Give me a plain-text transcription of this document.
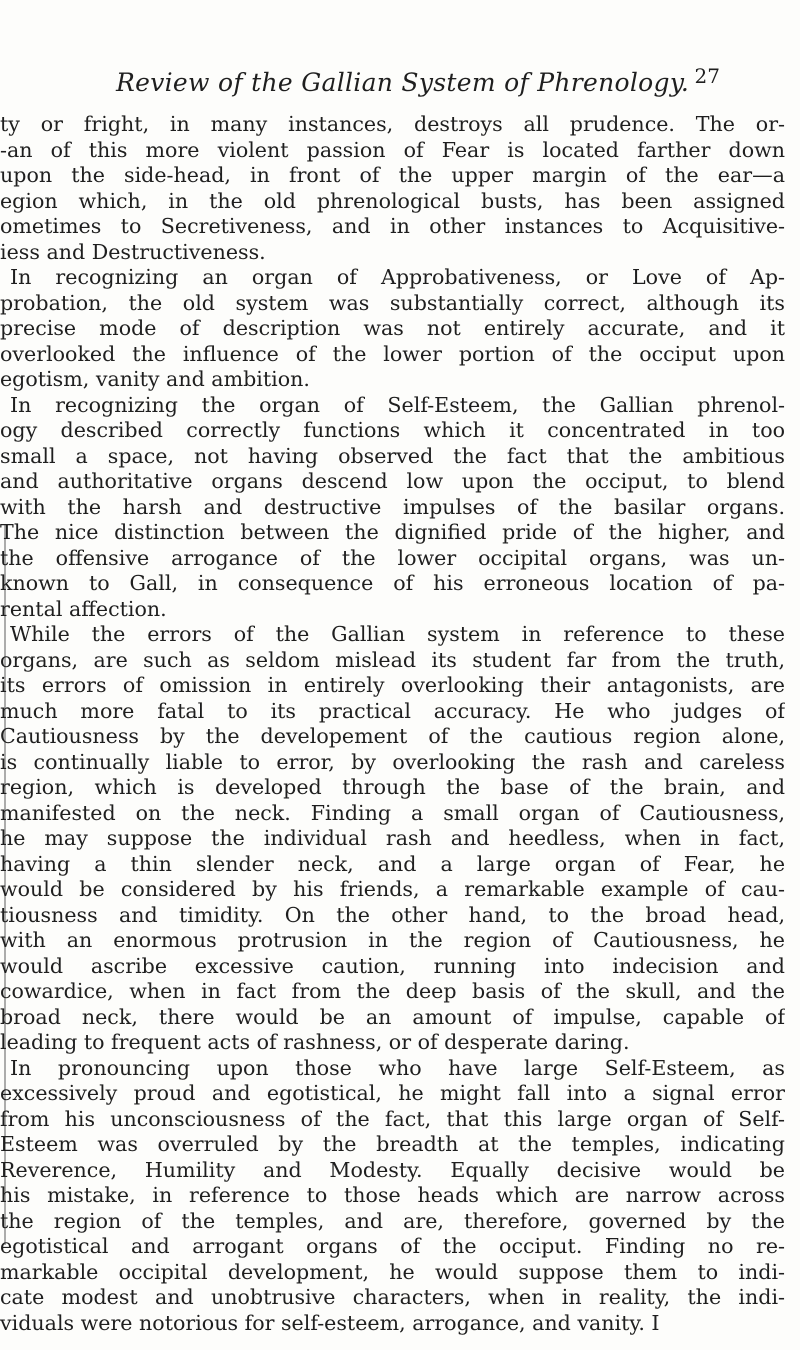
Review of the Gallian System of Phrenology. 27
ty or fright, in many instances, destroys all prudence. The or-
-an of this more violent passion of Fear is located farther down
upon the side-head, in front of the upper margin of the ear—a
egion which, in the old phrenological busts, has been assigned
ometimes to Secretiveness, and in other instances to Acquisitive-
iess and Destructiveness.
In recognizing an organ of Approbativeness, or Love of Ap-
probation, the old system was substantially correct, although its
precise mode of description was not entirely accurate, and it
overlooked the influence of the lower portion of the occiput upon
egotism, vanity and ambition.
In recognizing the organ of Self-Esteem, the Gallian phrenol-
ogy described correctly functions which it concentrated in too
small a space, not having observed the fact that the ambitious
and authoritative organs descend low upon the occiput, to blend
with the harsh and destructive impulses of the basilar organs.
The nice distinction between the dignified pride of the higher, and
the offensive arrogance of the lower occipital organs, was un-
known to Gall, in consequence of his erroneous location of pa-
rental affection.
While the errors of the Gallian system in reference to these
organs, are such as seldom mislead its student far from the truth,
its errors of omission in entirely overlooking their antagonists, are
much more fatal to its practical accuracy. He who judges of
Cautiousness by the developement of the cautious region alone,
is continually liable to error, by overlooking the rash and careless
region, which is developed through the base of the brain, and
manifested on the neck. Finding a small organ of Cautiousness,
he may suppose the individual rash and heedless, when in fact,
having a thin slender neck, and a large organ of Fear, he
would be considered by his friends, a remarkable example of cau-
tiousness and timidity. On the other hand, to the broad head,
with an enormous protrusion in the region of Cautiousness, he
would ascribe excessive caution, running into indecision and
cowardice, when in fact from the deep basis of the skull, and the
broad neck, there would be an amount of impulse, capable of
leading to frequent acts of rashness, or of desperate daring.
In pronouncing upon those who have large Self-Esteem, as
excessively proud and egotistical, he might fall into a signal error
from his unconsciousness of the fact, that this large organ of Self-
Esteem was overruled by the breadth at the temples, indicating
Reverence, Humility and Modesty. Equally decisive would be
his mistake, in reference to those heads which are narrow across
the region of the temples, and are, therefore, governed by the
egotistical and arrogant organs of the occiput. Finding no re-
markable occipital development, he would suppose them to indi-
cate modest and unobtrusive characters, when in reality, the indi-
viduals were notorious for self-esteem, arrogance, and vanity. I
